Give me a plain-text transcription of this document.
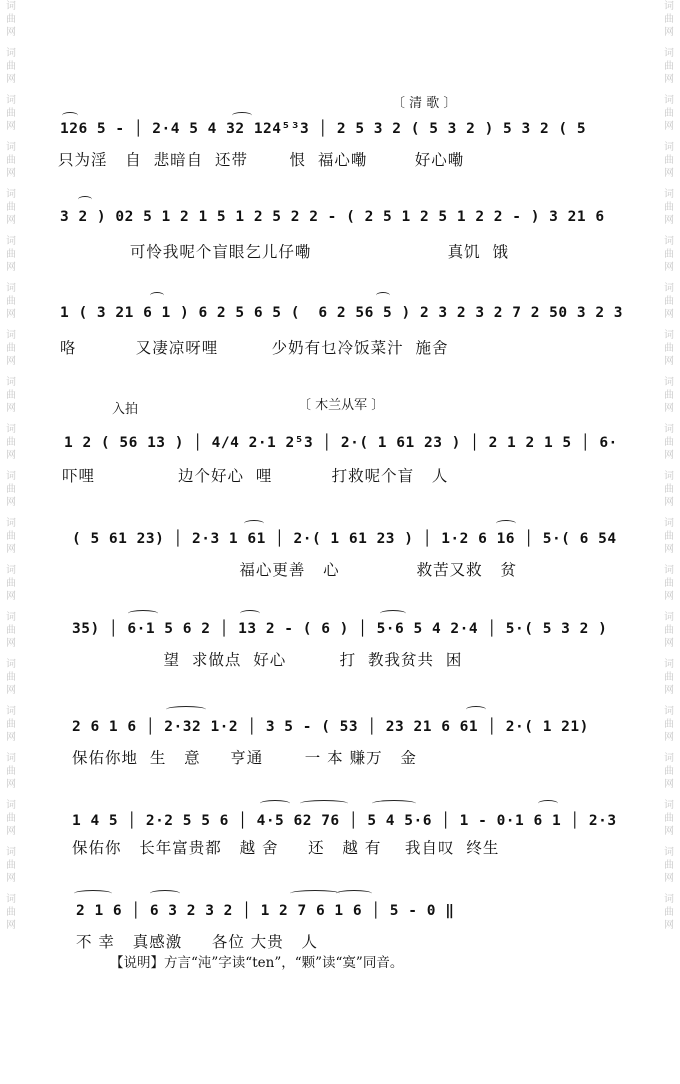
词曲网
词曲网
词曲网
词曲网
词曲网
词曲网
词曲网
词曲网
词曲网
词曲网
词曲网
词曲网
词曲网
词曲网
词曲网
词曲网
词曲网
词曲网
词曲网
词曲网
词曲网
词曲网
词曲网
词曲网
词曲网
词曲网
词曲网
词曲网
词曲网
词曲网
词曲网
词曲网
词曲网
词曲网
词曲网
词曲网
词曲网
词曲网
词曲网
词曲网
〔 清 歌 〕
126 5 - │ 2·4 5 4 32 124⁵³3 │ 2 5 3 2 ( 5 3 2 ) 5 3 2 ( 5
只为淫   自  悲暗自  还带       恨  福心嘞        好心嘞
3 2 ) 02 5 1 2 1 5 1 2 5 2 2 - ( 2 5 1 2 5 1 2 2 - ) 3 21 6
可怜我呢个盲眼乞儿仔嘞                       真饥  饿
1 ( 3 21 6 1 ) 6 2 5 6 5 (  6 2 56 5 ) 2 3 2 3 2 7 2 50 3 2 3
咯          又凄凉呀哩         少奶有乜冷饭菜汁  施舍
入拍	〔 木兰从军 〕
1 2 ( 56 13 ) │ 4/4 2·1 2⁵3 │ 2·( 1 61 23 ) │ 2 1 2 1 5 │ 6·
吓哩              边个好心  哩          打救呢个盲   人
( 5 61 23) │ 2·3 1 61 │ 2·( 1 61 23 ) │ 1·2 6 16 │ 5·( 6 54
福心更善   心             救苦又救   贫
35) │ 6·1 5 6 2 │ 13 2 - ( 6 ) │ 5·6 5 4 2·4 │ 5·( 5 3 2 )
望  求做点  好心         打  教我贫共  困
2 6 1 6 │ 2·32 1·2 │ 3 5 - ( 53 │ 23 21 6 61 │ 2·( 1 21)
保佑你地  生   意     亨通       一 本 赚万   金
1 4 5 │ 2·2 5 5 6 │ 4·5 62 76 │ 5 4 5·6 │ 1 - 0·1 6 1 │ 2·3
保佑你   长年富贵都   越 舍     还   越 有    我自叹  终生
2 1 6 │ 6 3 2 3 2 │ 1 2 7 6 1 6 │ 5 - 0 ‖
不 幸   真感激     各位 大贵   人

【说明】方言“沌”字读“ten”，“颗”读“寞”同音。
